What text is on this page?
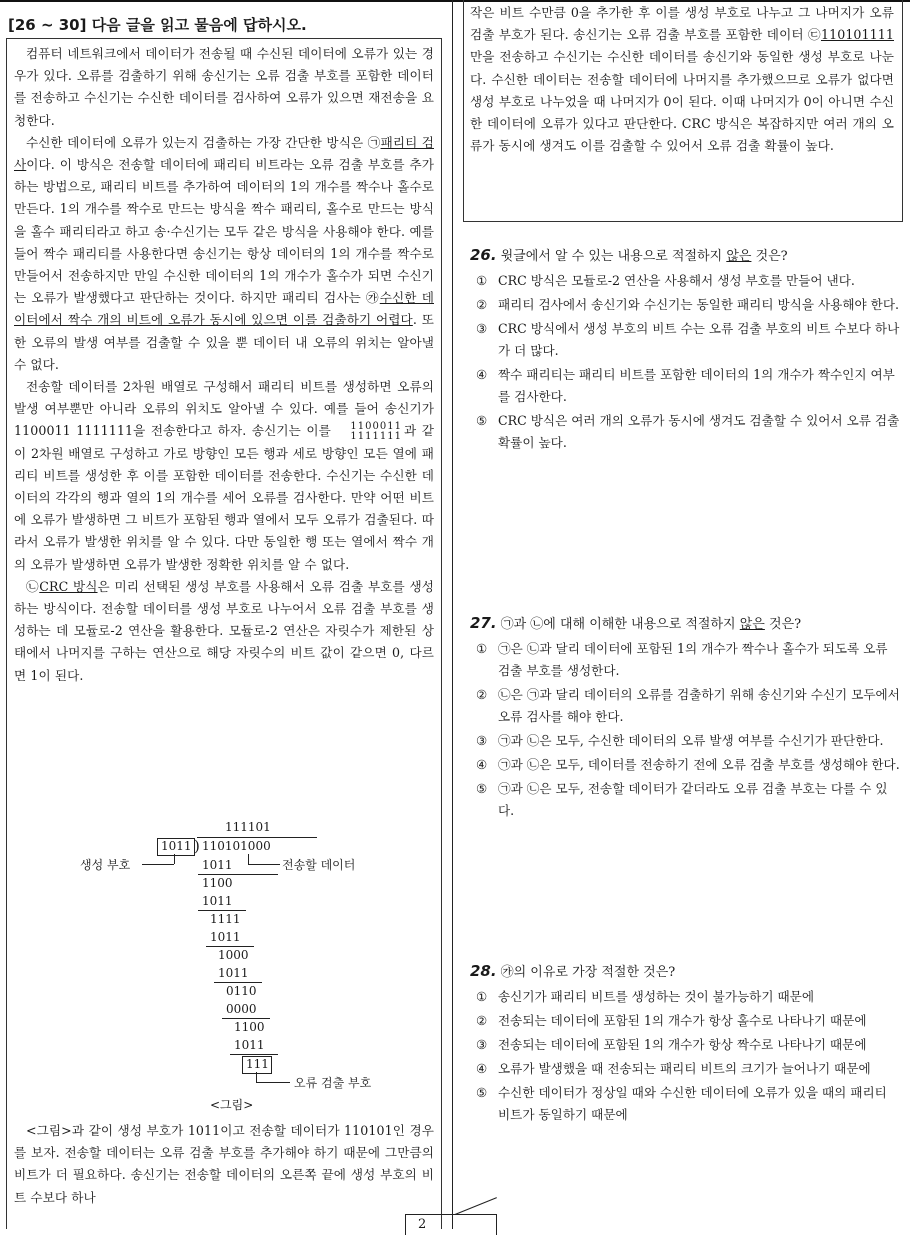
[26 ~ 30] 다음 글을 읽고 물음에 답하시오.

컴퓨터 네트워크에서 데이터가 전송될 때 수신된 데이터에 오류가 있는 경우가 있다. 오류를 검출하기 위해 송신기는 오류 검출 부호를 포함한 데이터를 전송하고 수신기는 수신한 데이터를 검사하여 오류가 있으면 재전송을 요청한다.

수신한 데이터에 오류가 있는지 검출하는 가장 간단한 방식은 ㉠패리티 검사이다. 이 방식은 전송할 데이터에 패리티 비트라는 오류 검출 부호를 추가하는 방법으로, 패리티 비트를 추가하여 데이터의 1의 개수를 짝수나 홀수로 만든다. 1의 개수를 짝수로 만드는 방식을 짝수 패리티, 홀수로 만드는 방식을 홀수 패리티라고 하고 송·수신기는 모두 같은 방식을 사용해야 한다. 예를 들어 짝수 패리티를 사용한다면 송신기는 항상 데이터의 1의 개수를 짝수로 만들어서 전송하지만 만일 수신한 데이터의 1의 개수가 홀수가 되면 수신기는 오류가 발생했다고 판단하는 것이다. 하지만 패리티 검사는 ㉮수신한 데이터에서 짝수 개의 비트에 오류가 동시에 있으면 이를 검출하기 어렵다. 또한 오류의 발생 여부를 검출할 수 있을 뿐 데이터 내 오류의 위치는 알아낼 수 없다.

전송할 데이터를 2차원 배열로 구성해서 패리티 비트를 생성하면 오류의 발생 여부뿐만 아니라 오류의 위치도 알아낼 수 있다. 예를 들어 송신기가 1100011 1111111을 전송한다고 하자. 송신기는 이를	1100011
1111111 과 같이 2차원 배열로 구성하고 가로 방향인 모든 행과 세로 방향인 모든 열에 패리티 비트를 생성한 후 이를 포함한 데이터를 전송한다. 수신기는 수신한 데이터의 각각의 행과 열의 1의 개수를 세어 오류를 검사한다. 만약 어떤 비트에 오류가 발생하면 그 비트가 포함된 행과 열에서 모두 오류가 검출된다. 따라서 오류가 발생한 위치를 알 수 있다. 다만 동일한 행 또는 열에서 짝수 개의 오류가 발생하면 오류가 발생한 정확한 위치를 알 수 없다.

㉡CRC 방식은 미리 선택된 생성 부호를 사용해서 오류 검출 부호를 생성하는 방식이다. 전송할 데이터를 생성 부호로 나누어서 오류 검출 부호를 생성하는 데 모듈로-2 연산을 활용한다. 모듈로-2 연산은 자릿수가 제한된 상태에서 나머지를 구하는 연산으로 해당 자릿수의 비트 값이 같으면 0, 다르면 1이 된다.

111101
1011 ) 110101000
생성 부호	1011	전송할 데이터
1100
1011
1111
1011
1000
1011
0110
0000
1100
1011
111
오류 검출 부호
<그림>

<그림>과 같이 생성 부호가 1011이고 전송할 데이터가 110101인 경우를 보자. 전송할 데이터는 오류 검출 부호를 추가해야 하기 때문에 그만큼의 비트가 더 필요하다. 송신기는 전송할 데이터의 오른쪽 끝에 생성 부호의 비트 수보다 하나

작은 비트 수만큼 0을 추가한 후 이를 생성 부호로 나누고 그 나머지가 오류 검출 부호가 된다. 송신기는 오류 검출 부호를 포함한 데이터 ㉢110101111만을 전송하고 수신기는 수신한 데이터를 송신기와 동일한 생성 부호로 나눈다. 수신한 데이터는 전송할 데이터에 나머지를 추가했으므로 오류가 없다면 생성 부호로 나누었을 때 나머지가 0이 된다. 이때 나머지가 0이 아니면 수신한 데이터에 오류가 있다고 판단한다. CRC 방식은 복잡하지만 여러 개의 오류가 동시에 생겨도 이를 검출할 수 있어서 오류 검출 확률이 높다.

26. 윗글에서 알 수 있는 내용으로 적절하지 않은 것은?
① CRC 방식은 모듈로-2 연산을 사용해서 생성 부호를 만들어 낸다.
② 패리티 검사에서 송신기와 수신기는 동일한 패리티 방식을 사용해야 한다.
③ CRC 방식에서 생성 부호의 비트 수는 오류 검출 부호의 비트 수보다 하나가 더 많다.
④ 짝수 패리티는 패리티 비트를 포함한 데이터의 1의 개수가 짝수인지 여부를 검사한다.
⑤ CRC 방식은 여러 개의 오류가 동시에 생겨도 검출할 수 있어서 오류 검출 확률이 높다.
27. ㉠과 ㉡에 대해 이해한 내용으로 적절하지 않은 것은?
① ㉠은 ㉡과 달리 데이터에 포함된 1의 개수가 짝수나 홀수가 되도록 오류 검출 부호를 생성한다.
② ㉡은 ㉠과 달리 데이터의 오류를 검출하기 위해 송신기와 수신기 모두에서 오류 검사를 해야 한다.
③ ㉠과 ㉡은 모두, 수신한 데이터의 오류 발생 여부를 수신기가 판단한다.
④ ㉠과 ㉡은 모두, 데이터를 전송하기 전에 오류 검출 부호를 생성해야 한다.
⑤ ㉠과 ㉡은 모두, 전송할 데이터가 같더라도 오류 검출 부호는 다를 수 있다.
28. ㉮의 이유로 가장 적절한 것은?
① 송신기가 패리티 비트를 생성하는 것이 불가능하기 때문에
② 전송되는 데이터에 포함된 1의 개수가 항상 홀수로 나타나기 때문에
③ 전송되는 데이터에 포함된 1의 개수가 항상 짝수로 나타나기 때문에
④ 오류가 발생했을 때 전송되는 패리티 비트의 크기가 늘어나기 때문에
⑤ 수신한 데이터가 정상일 때와 수신한 데이터에 오류가 있을 때의 패리티 비트가 동일하기 때문에
2
